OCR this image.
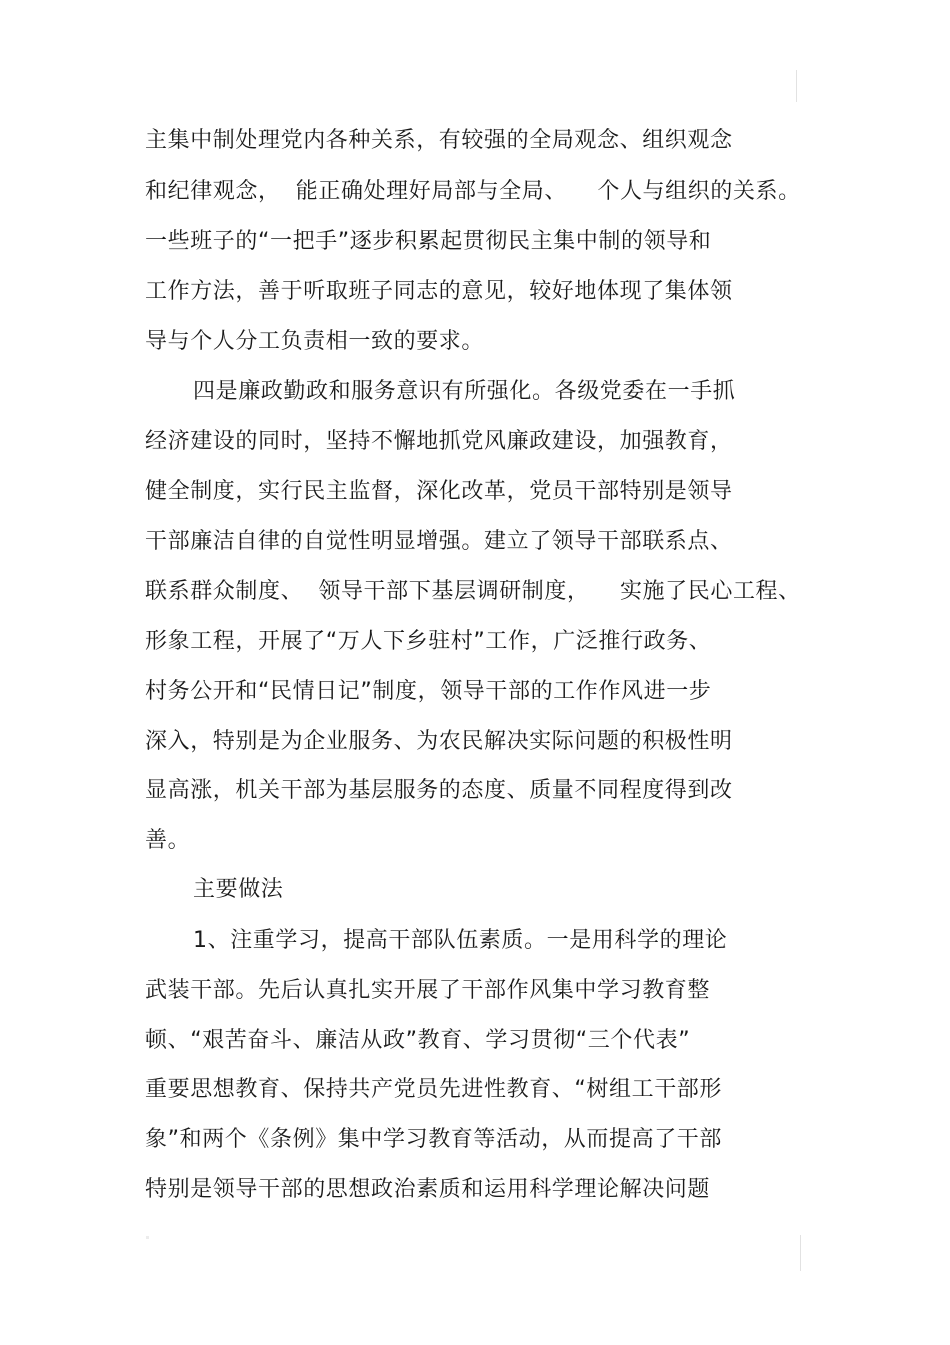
主集中制处理党内各种关系，有较强的全局观念、组织观念
和纪律观念，  能正确处理好局部与全局、    个人与组织的关系。
一些班子的“一把手”逐步积累起贯彻民主集中制的领导和
工作方法，善于听取班子同志的意见，较好地体现了集体领
导与个人分工负责相一致的要求。
四是廉政勤政和服务意识有所强化。各级党委在一手抓
经济建设的同时，坚持不懈地抓党风廉政建设，加强教育，
健全制度，实行民主监督，深化改革，党员干部特别是领导
干部廉洁自律的自觉性明显增强。建立了领导干部联系点、
联系群众制度、  领导干部下基层调研制度，    实施了民心工程、
形象工程，开展了“万人下乡驻村”工作，广泛推行政务、
村务公开和“民情日记”制度，领导干部的工作作风进一步
深入，特别是为企业服务、为农民解决实际问题的积极性明
显高涨，机关干部为基层服务的态度、质量不同程度得到改
善。
主要做法
1、注重学习，提高干部队伍素质。一是用科学的理论
武装干部。先后认真扎实开展了干部作风集中学习教育整
顿、“艰苦奋斗、廉洁从政”教育、学习贯彻“三个代表”
重要思想教育、保持共产党员先进性教育、“树组工干部形
象”和两个《条例》集中学习教育等活动，从而提高了干部
特别是领导干部的思想政治素质和运用科学理论解决问题
